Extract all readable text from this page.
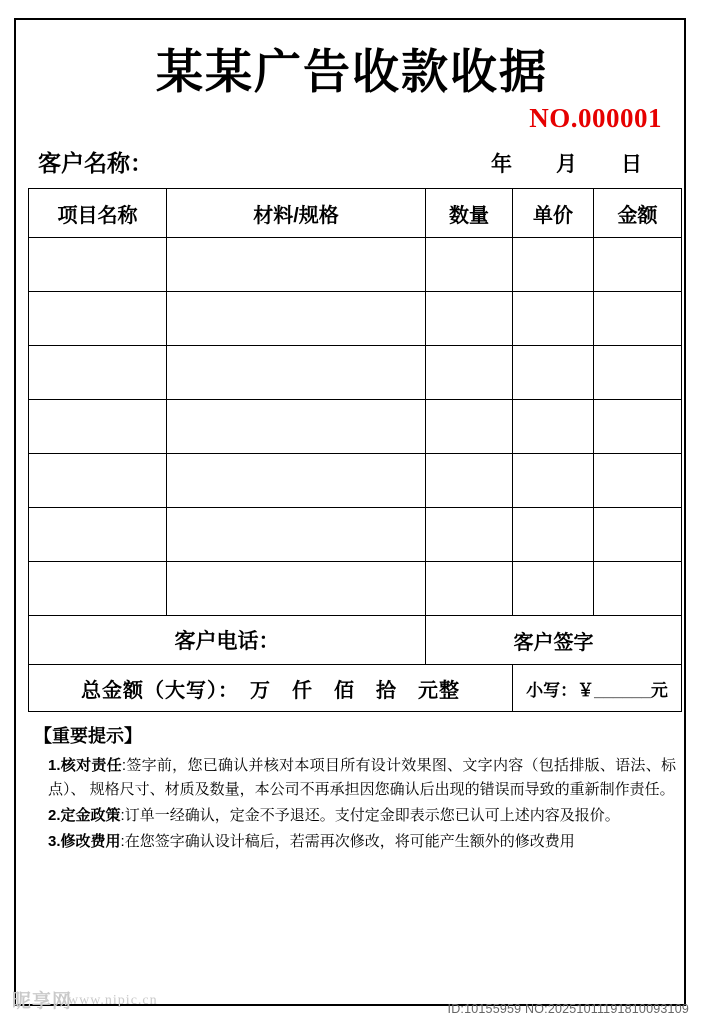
某某广告收款收据
NO.000001
客户名称：	年 月 日
项目名称	材料/规格	数量	单价	金额

客户电话：		客户签字		
总金额（大写）：　万　仟　佰　拾　元整			小写：￥______元	
【重要提示】
1.核对责任:签字前，您已确认并核对本项目所有设计效果图、文字内容（包括排版、语法、标点）、 规格尺寸、材质及数量，本公司不再承担因您确认后出现的错误而导致的重新制作责任。
2.定金政策:订单一经确认，定金不予退还。支付定金即表示您已认可上述内容及报价。
3.修改费用:在您签字确认设计稿后，若需再次修改，将可能产生额外的修改费用
昵享网
www.nipic.cn
ID:10155959 NO:20251011191810093109
